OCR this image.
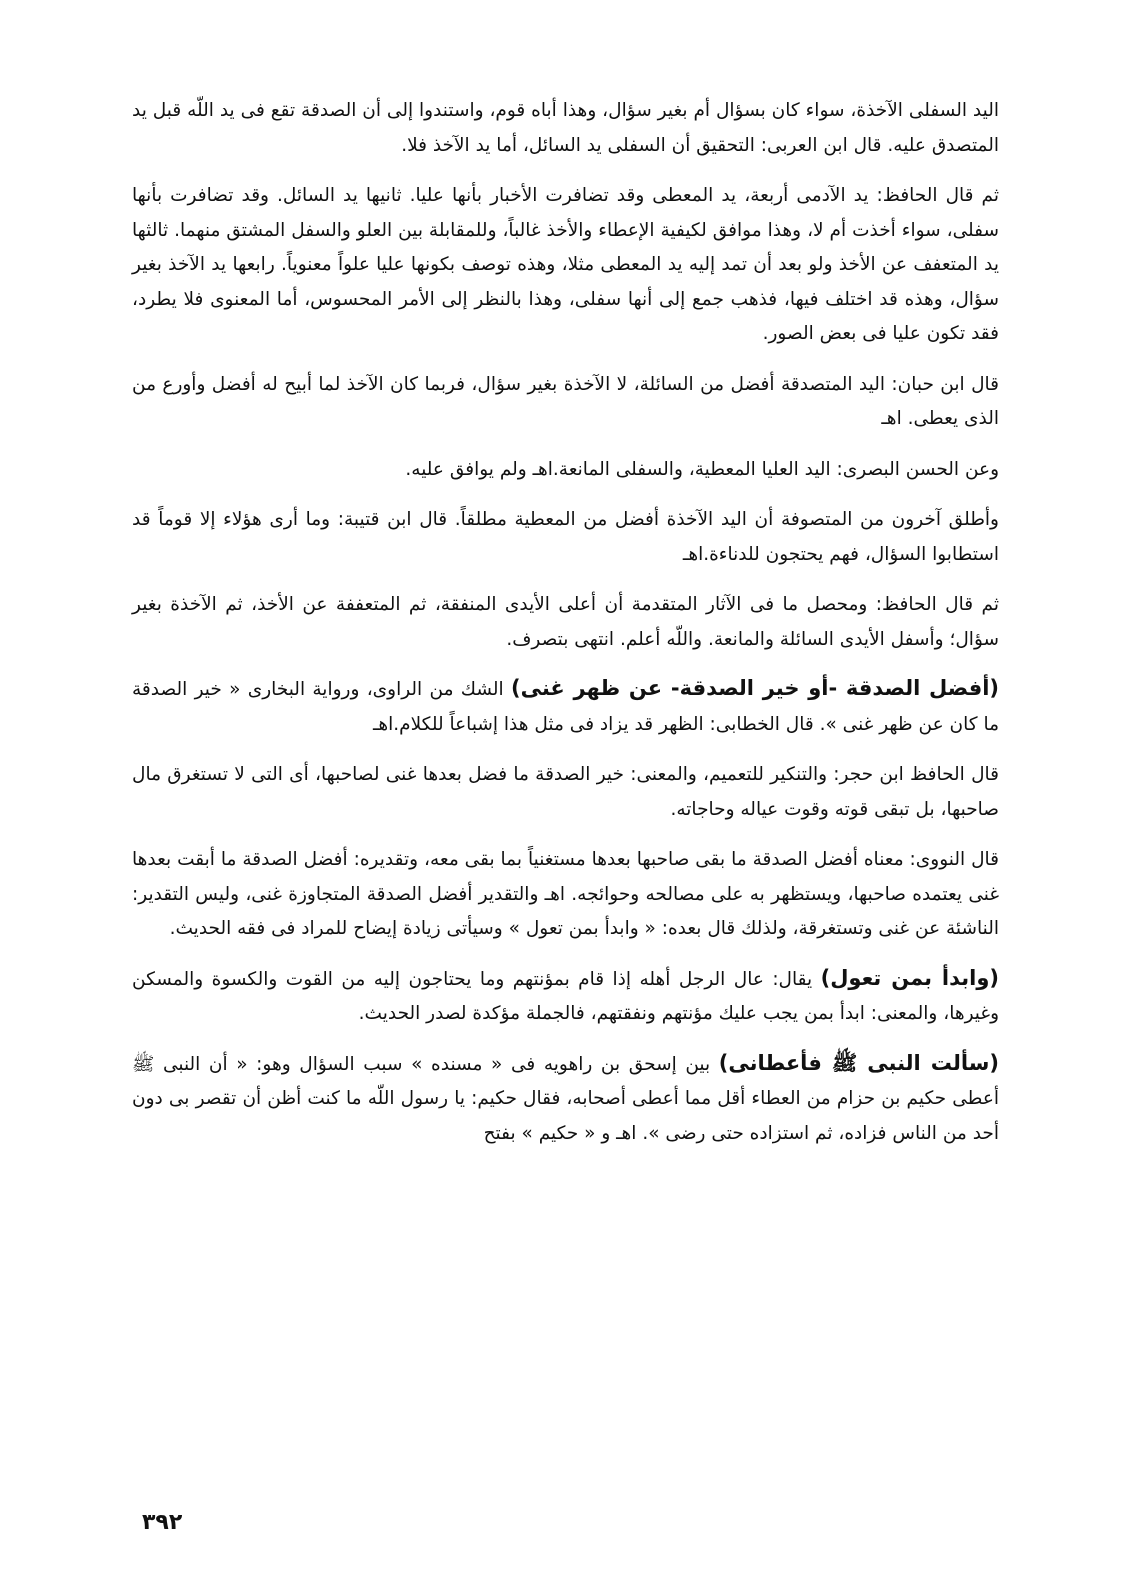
اليد السفلى الآخذة، سواء كان بسؤال أم بغير سؤال، وهذا أباه قوم، واستندوا إلى أن الصدقة تقع فى يد اللّه قبل يد المتصدق عليه. قال ابن العربى: التحقيق أن السفلى يد السائل، أما يد الآخذ فلا.

ثم قال الحافظ: يد الآدمى أربعة، يد المعطى وقد تضافرت الأخبار بأنها عليا. ثانيها يد السائل. وقد تضافرت بأنها سفلى، سواء أخذت أم لا، وهذا موافق لكيفية الإعطاء والأخذ غالباً، وللمقابلة بين العلو والسفل المشتق منهما. ثالثها يد المتعفف عن الأخذ ولو بعد أن تمد إليه يد المعطى مثلا، وهذه توصف بكونها عليا علواً معنوياً. رابعها يد الآخذ بغير سؤال، وهذه قد اختلف فيها، فذهب جمع إلى أنها سفلى، وهذا بالنظر إلى الأمر المحسوس، أما المعنوى فلا يطرد، فقد تكون عليا فى بعض الصور.

قال ابن حبان: اليد المتصدقة أفضل من السائلة، لا الآخذة بغير سؤال، فربما كان الآخذ لما أبيح له أفضل وأورع من الذى يعطى. اهـ

وعن الحسن البصرى: اليد العليا المعطية، والسفلى المانعة.اهـ ولم يوافق عليه.

وأطلق آخرون من المتصوفة أن اليد الآخذة أفضل من المعطية مطلقاً. قال ابن قتيبة: وما أرى هؤلاء إلا قوماً قد استطابوا السؤال، فهم يحتجون للدناءة.اهـ

ثم قال الحافظ: ومحصل ما فى الآثار المتقدمة أن أعلى الأيدى المنفقة، ثم المتعففة عن الأخذ، ثم الآخذة بغير سؤال؛ وأسفل الأيدى السائلة والمانعة. واللّه أعلم. انتهى بتصرف.

(أفضل الصدقة -أو خير الصدقة- عن ظهر غنى) الشك من الراوى، ورواية البخارى « خير الصدقة ما كان عن ظهر غنى ». قال الخطابى: الظهر قد يزاد فى مثل هذا إشباعاً للكلام.اهـ

قال الحافظ ابن حجر: والتنكير للتعميم، والمعنى: خير الصدقة ما فضل بعدها غنى لصاحبها، أى التى لا تستغرق مال صاحبها، بل تبقى قوته وقوت عياله وحاجاته.

قال النووى: معناه أفضل الصدقة ما بقى صاحبها بعدها مستغنياً بما بقى معه، وتقديره: أفضل الصدقة ما أبقت بعدها غنى يعتمده صاحبها، ويستظهر به على مصالحه وحوائجه. اهـ والتقدير أفضل الصدقة المتجاوزة غنى، وليس التقدير: الناشئة عن غنى وتستغرقة، ولذلك قال بعده: « وابدأ بمن تعول » وسيأتى زيادة إيضاح للمراد فى فقه الحديث.

(وابدأ بمن تعول) يقال: عال الرجل أهله إذا قام بمؤنتهم وما يحتاجون إليه من القوت والكسوة والمسكن وغيرها، والمعنى: ابدأ بمن يجب عليك مؤنتهم ونفقتهم، فالجملة مؤكدة لصدر الحديث.

(سألت النبى ﷺ فأعطانى) بين إسحق بن راهويه فى « مسنده » سبب السؤال وهو: « أن النبى ﷺ أعطى حكيم بن حزام من العطاء أقل مما أعطى أصحابه، فقال حكيم: يا رسول اللّه ما كنت أظن أن تقصر بى دون أحد من الناس فزاده، ثم استزاده حتى رضى ». اهـ و « حكيم » بفتح

٣٩٢
